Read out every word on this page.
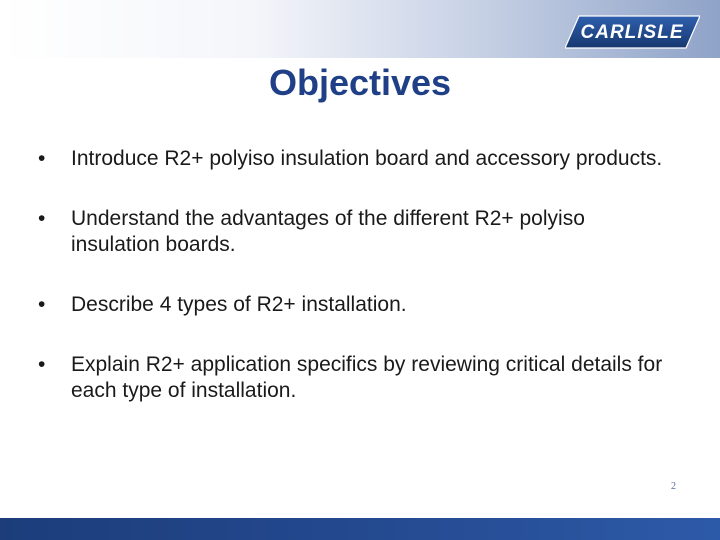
CARLISLE
Objectives
• Introduce R2+ polyiso insulation board and accessory products.
• Understand the advantages of the different R2+ polyiso insulation boards.
• Describe 4 types of R2+ installation.
• Explain R2+ application specifics by reviewing critical details for each type of installation.
2
